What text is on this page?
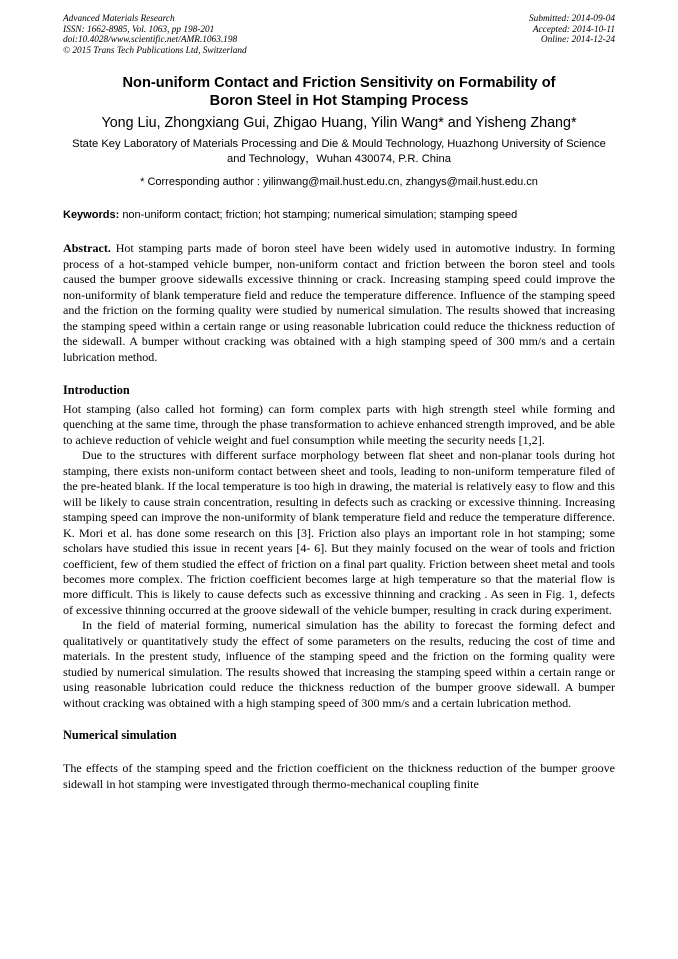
Advanced Materials Research
ISSN: 1662-8985, Vol. 1063, pp 198-201
doi:10.4028/www.scientific.net/AMR.1063.198
© 2015 Trans Tech Publications Ltd, Switzerland
Submitted: 2014-09-04
Accepted: 2014-10-11
Online: 2014-12-24
Non-uniform Contact and Friction Sensitivity on Formability of Boron Steel in Hot Stamping Process
Yong Liu, Zhongxiang Gui, Zhigao Huang, Yilin Wang* and Yisheng Zhang*
State Key Laboratory of Materials Processing and Die & Mould Technology, Huazhong University of Science and Technology，Wuhan 430074, P.R. China
* Corresponding author : yilinwang@mail.hust.edu.cn, zhangys@mail.hust.edu.cn
Keywords: non-uniform contact; friction; hot stamping; numerical simulation; stamping speed

Abstract. Hot stamping parts made of boron steel have been widely used in automotive industry. In forming process of a hot-stamped vehicle bumper, non-uniform contact and friction between the boron steel and tools caused the bumper groove sidewalls excessive thinning or crack. Increasing stamping speed could improve the non-uniformity of blank temperature field and reduce the temperature difference. Influence of the stamping speed and the friction on the forming quality were studied by numerical simulation. The results showed that increasing the stamping speed within a certain range or using reasonable lubrication could reduce the thickness reduction of the sidewall. A bumper without cracking was obtained with a high stamping speed of 300 mm/s and a certain lubrication method.

Introduction

Hot stamping (also called hot forming) can form complex parts with high strength steel while forming and quenching at the same time, through the phase transformation to achieve enhanced strength improved, and be able to achieve reduction of vehicle weight and fuel consumption while meeting the security needs [1,2].

Due to the structures with different surface morphology between flat sheet and non-planar tools during hot stamping, there exists non-uniform contact between sheet and tools, leading to non-uniform temperature filed of the pre-heated blank. If the local temperature is too high in drawing, the material is relatively easy to flow and this will be likely to cause strain concentration, resulting in defects such as cracking or excessive thinning. Increasing stamping speed can improve the non-uniformity of blank temperature field and reduce the temperature difference. K. Mori et al. has done some research on this [3]. Friction also plays an important role in hot stamping; some scholars have studied this issue in recent years [4- 6]. But they mainly focused on the wear of tools and friction coefficient, few of them studied the effect of friction on a final part quality. Friction between sheet metal and tools becomes more complex. The friction coefficient becomes large at high temperature so that the material flow is more difficult. This is likely to cause defects such as excessive thinning and cracking . As seen in Fig. 1, defects of excessive thinning occurred at the groove sidewall of the vehicle bumper, resulting in crack during experiment.

In the field of material forming, numerical simulation has the ability to forecast the forming defect and qualitatively or quantitatively study the effect of some parameters on the results, reducing the cost of time and materials. In the prestent study, influence of the stamping speed and the friction on the forming quality were studied by numerical simulation. The results showed that increasing the stamping speed within a certain range or using reasonable lubrication could reduce the thickness reduction of the bumper groove sidewall. A bumper without cracking was obtained with a high stamping speed of 300 mm/s and a certain lubrication method.

Numerical simulation

The effects of the stamping speed and the friction coefficient on the thickness reduction of the bumper groove sidewall in hot stamping were investigated through thermo-mechanical coupling finite
